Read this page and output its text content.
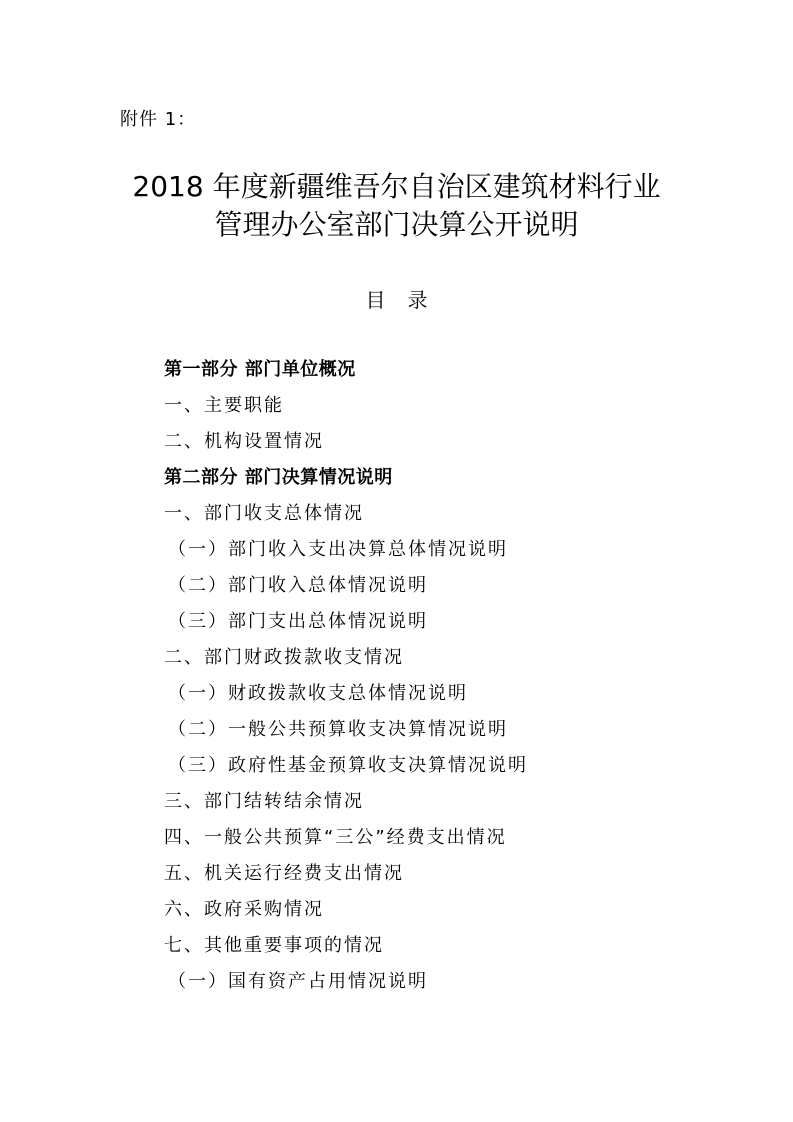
附件 1：
2018 年度新疆维吾尔自治区建筑材料行业
管理办公室部门决算公开说明
目录
第一部分 部门单位概况
一、主要职能
二、机构设置情况
第二部分 部门决算情况说明
一、部门收支总体情况
（一）部门收入支出决算总体情况说明
（二）部门收入总体情况说明
（三）部门支出总体情况说明
二、部门财政拨款收支情况
（一）财政拨款收支总体情况说明
（二）一般公共预算收支决算情况说明
（三）政府性基金预算收支决算情况说明
三、部门结转结余情况
四、一般公共预算“三公”经费支出情况
五、机关运行经费支出情况
六、政府采购情况
七、其他重要事项的情况
（一）国有资产占用情况说明
